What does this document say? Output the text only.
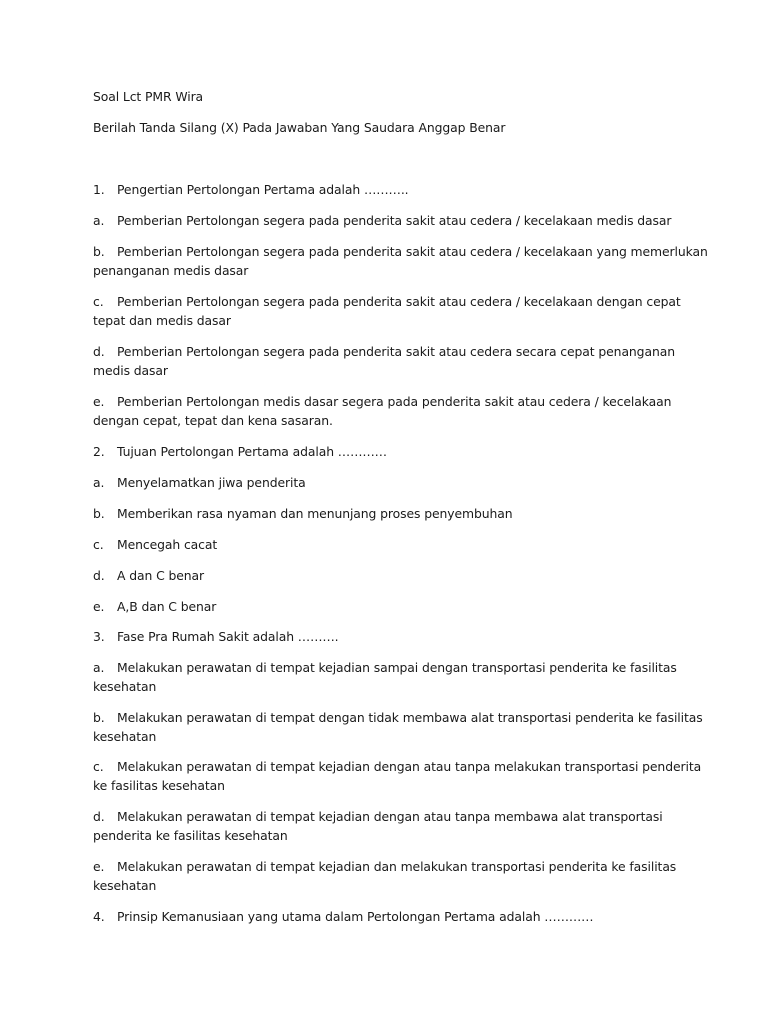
Soal Lct PMR Wira
Berilah Tanda Silang (X) Pada Jawaban Yang Saudara Anggap Benar
1. Pengertian Pertolongan Pertama adalah ………..
a. Pemberian Pertolongan segera pada penderita sakit atau cedera / kecelakaan medis dasar
b. Pemberian Pertolongan segera pada penderita sakit atau cedera / kecelakaan yang memerlukan
penanganan medis dasar
c. Pemberian Pertolongan segera pada penderita sakit atau cedera / kecelakaan dengan cepat
tepat dan medis dasar
d. Pemberian Pertolongan segera pada penderita sakit atau cedera secara cepat penanganan
medis dasar
e. Pemberian Pertolongan medis dasar segera pada penderita sakit atau cedera / kecelakaan
dengan cepat, tepat dan kena sasaran.
2. Tujuan Pertolongan Pertama adalah …………
a. Menyelamatkan jiwa penderita
b. Memberikan rasa nyaman dan menunjang proses penyembuhan
c. Mencegah cacat
d. A dan C benar
e. A,B dan C benar
3. Fase Pra Rumah Sakit adalah ……….
a. Melakukan perawatan di tempat kejadian sampai dengan transportasi penderita ke fasilitas
kesehatan
b. Melakukan perawatan di tempat dengan tidak membawa alat transportasi penderita ke fasilitas
kesehatan
c. Melakukan perawatan di tempat kejadian dengan atau tanpa melakukan transportasi penderita
ke fasilitas kesehatan
d. Melakukan perawatan di tempat kejadian dengan atau tanpa membawa alat transportasi
penderita ke fasilitas kesehatan
e. Melakukan perawatan di tempat kejadian dan melakukan transportasi penderita ke fasilitas
kesehatan
4. Prinsip Kemanusiaan yang utama dalam Pertolongan Pertama adalah …………
